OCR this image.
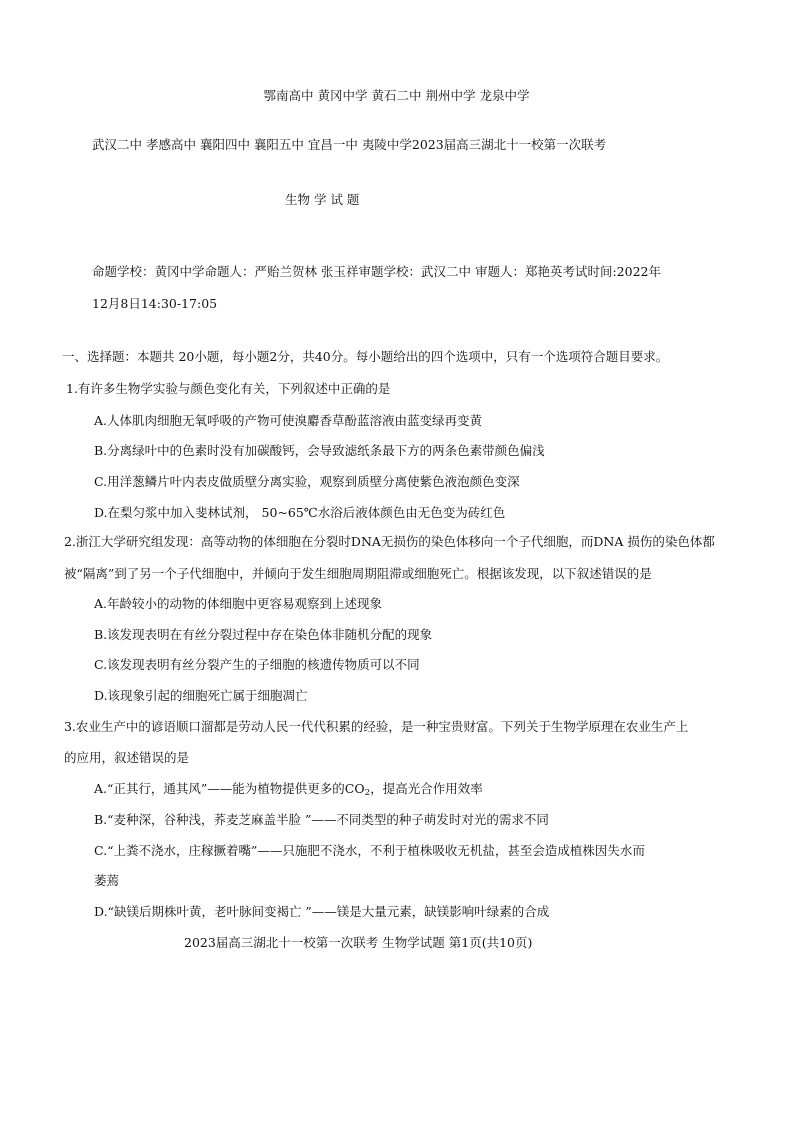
鄂南高中 黄冈中学 黄石二中 荆州中学 龙泉中学
武汉二中 孝感高中 襄阳四中 襄阳五中 宜昌一中 夷陵中学2023届高三湖北十一校第一次联考
生物 学 试 题
命题学校：黄冈中学命题人：严贻兰贺林 张玉祥审题学校：武汉二中 审题人：郑艳英考试时间:2022年
12月8日14:30-17:05
一、选择题：本题共 20小题，每小题2分，共40分。每小题给出的四个选项中，只有一个选项符合题目要求。
1.有许多生物学实验与颜色变化有关，下列叙述中正确的是
A.人体肌肉细胞无氧呼吸的产物可使溴麝香草酚蓝溶液由蓝变绿再变黄
B.分离绿叶中的色素时没有加碳酸钙，会导致滤纸条最下方的两条色素带颜色偏浅
C.用洋葱鳞片叶内表皮做质壁分离实验，观察到质壁分离使紫色液泡颜色变深
D.在梨匀浆中加入斐林试剂， 50~65℃水浴后液体颜色由无色变为砖红色
2.浙江大学研究组发现：高等动物的体细胞在分裂时DNA无损伤的染色体移向一个子代细胞，而DNA 损伤的染色体都
被“隔离”到了另一个子代细胞中，并倾向于发生细胞周期阻滞或细胞死亡。根据该发现，以下叙述错误的是
A.年龄较小的动物的体细胞中更容易观察到上述现象
B.该发现表明在有丝分裂过程中存在染色体非随机分配的现象
C.该发现表明有丝分裂产生的子细胞的核遗传物质可以不同
D.该现象引起的细胞死亡属于细胞凋亡
3.农业生产中的谚语顺口溜都是劳动人民一代代积累的经验，是一种宝贵财富。下列关于生物学原理在农业生产上
的应用，叙述错误的是
A.“正其行，通其风”——能为植物提供更多的$CO_2$，提高光合作用效率
B.“麦种深，谷种浅，荞麦芝麻盖半脸 ”——不同类型的种子萌发时对光的需求不同
C.“上粪不浇水，庄稼撅着嘴”——只施肥不浇水，不利于植株吸收无机盐，甚至会造成植株因失水而
萎蔫
D.“缺镁后期株叶黄，老叶脉间变褐亡 ”——镁是大量元素，缺镁影响叶绿素的合成
2023届高三湖北十一校第一次联考 生物学试题 第1页(共10页)
